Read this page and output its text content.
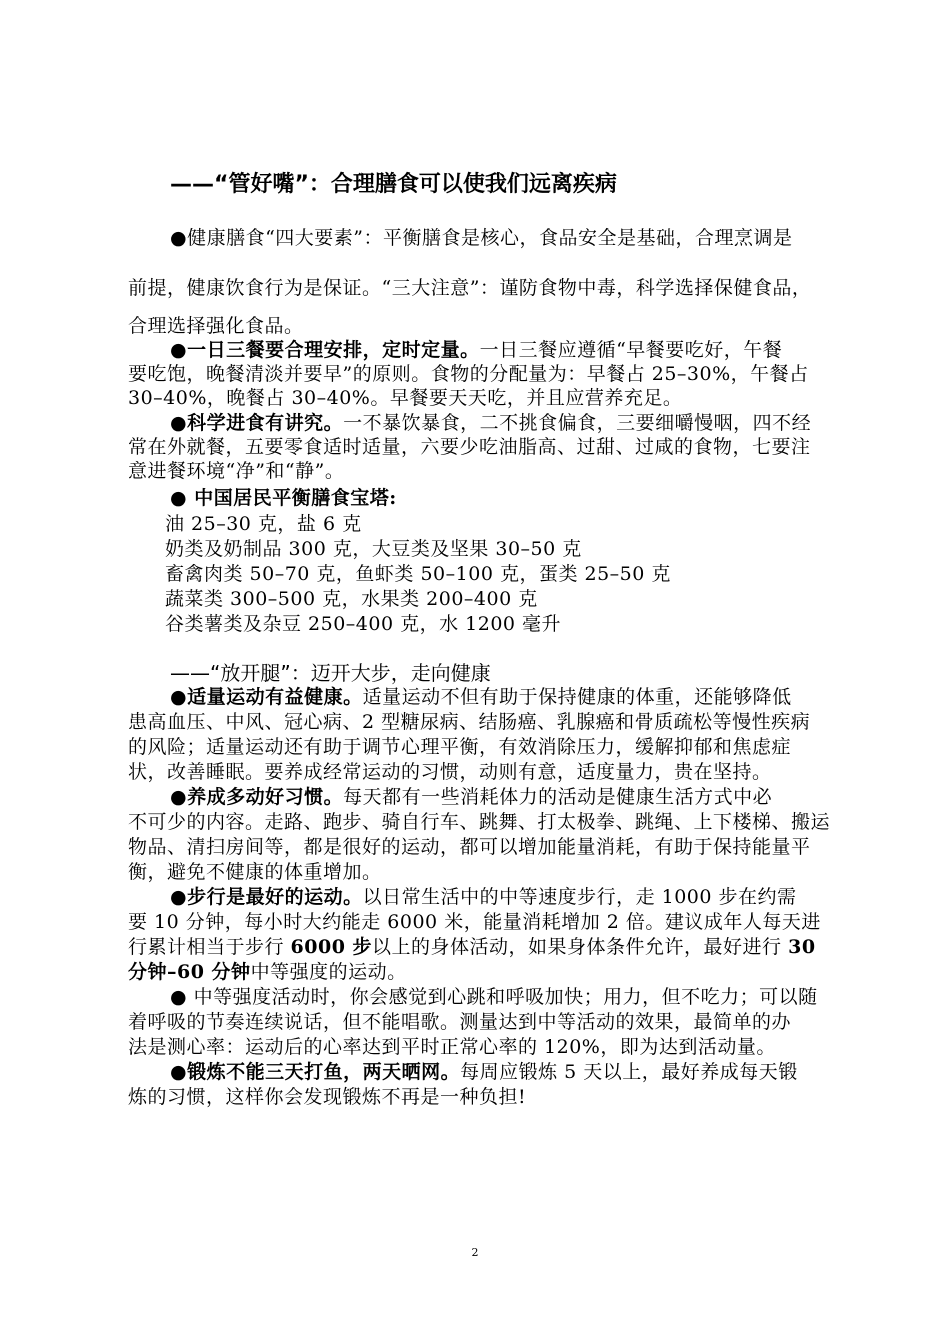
——“管好嘴”：合理膳食可以使我们远离疾病
●健康膳食“四大要素”：平衡膳食是核心，食品安全是基础，合理烹调是
前提，健康饮食行为是保证。“三大注意”：谨防食物中毒，科学选择保健食品，
合理选择强化食品。
●一日三餐要合理安排，定时定量。一日三餐应遵循“早餐要吃好，午餐
要吃饱，晚餐清淡并要早”的原则。食物的分配量为：早餐占 25–30%，午餐占
30–40%，晚餐占 30–40%。早餐要天天吃，并且应营养充足。
●科学进食有讲究。一不暴饮暴食，二不挑食偏食，三要细嚼慢咽，四不经
常在外就餐，五要零食适时适量，六要少吃油脂高、过甜、过咸的食物，七要注
意进餐环境“净”和“静”。
● 中国居民平衡膳食宝塔:
油 25–30 克，盐 6 克
奶类及奶制品 300 克，大豆类及坚果 30–50 克
畜禽肉类 50–70 克，鱼虾类 50–100 克，蛋类 25–50 克
蔬菜类 300–500 克，水果类 200–400 克
谷类薯类及杂豆 250–400 克，水 1200 毫升
——“放开腿”：迈开大步，走向健康
●适量运动有益健康。适量运动不但有助于保持健康的体重，还能够降低
患高血压、中风、冠心病、2 型糖尿病、结肠癌、乳腺癌和骨质疏松等慢性疾病
的风险；适量运动还有助于调节心理平衡，有效消除压力，缓解抑郁和焦虑症
状，改善睡眠。要养成经常运动的习惯，动则有意，适度量力，贵在坚持。
●养成多动好习惯。每天都有一些消耗体力的活动是健康生活方式中必
不可少的内容。走路、跑步、骑自行车、跳舞、打太极拳、跳绳、上下楼梯、搬运
物品、清扫房间等，都是很好的运动，都可以增加能量消耗，有助于保持能量平
衡，避免不健康的体重增加。
●步行是最好的运动。以日常生活中的中等速度步行，走 1000 步在约需
要 10 分钟，每小时大约能走 6000 米，能量消耗增加 2 倍。建议成年人每天进
行累计相当于步行 6000 步以上的身体活动，如果身体条件允许，最好进行 30
分钟–60 分钟中等强度的运动。
● 中等强度活动时，你会感觉到心跳和呼吸加快；用力，但不吃力；可以随
着呼吸的节奏连续说话，但不能唱歌。测量达到中等活动的效果，最简单的办
法是测心率：运动后的心率达到平时正常心率的 120%，即为达到活动量。
●锻炼不能三天打鱼，两天晒网。每周应锻炼 5 天以上，最好养成每天锻
炼的习惯，这样你会发现锻炼不再是一种负担!
2
